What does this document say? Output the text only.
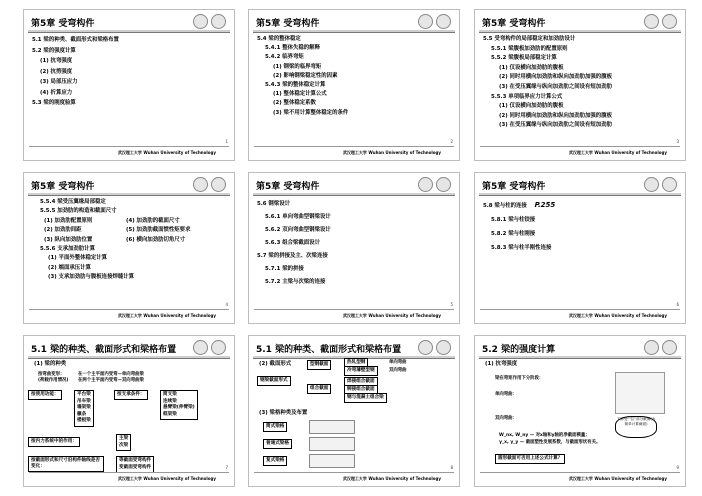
第5章 受弯构件
5.1 梁的种类、截面形式和梁格布置
5.2 梁的强度计算
(1) 抗弯强度
(2) 抗剪强度
(3) 局部压应力
(4) 折算应力
5.3 梁的刚度验算
1
武汉理工大学 Wuhan University of Technology
第5章 受弯构件
5.4 梁的整体稳定
5.4.1 整体失稳的解释
5.4.2 临界弯矩
(1) 钢梁的临界弯矩
(2) 影响钢梁稳定性的因素
5.4.3 梁的整体稳定计算
(1) 整体稳定计算公式
(2) 整体稳定系数
(3) 梁不用计算整体稳定的条件
2
武汉理工大学 Wuhan University of Technology
第5章 受弯构件
5.5 受弯构件的局部稳定和加劲肋设计
5.5.1 梁腹板加劲肋的配置原则
5.5.2 梁腹板局部稳定计算
(1) 仅设横向加劲肋的腹板
(2) 同时用横向加劲肋和纵向加劲肋加强的腹板
(3) 在受压翼缘与纵向加劲肋之间设有短加劲肋
5.5.3 单项临界应力计算公式
(1) 仅设横向加劲肋的腹板
(2) 同时用横向加劲肋和纵向加劲肋加强的腹板
(3) 在受压翼缘与纵向加劲肋之间设有短加劲肋
3
武汉理工大学 Wuhan University of Technology
第5章 受弯构件
5.5.4 梁受压翼缘局部稳定
5.5.5 加劲肋的构造和截面尺寸
(1) 加劲肋配置原则	(4) 加劲肋的截面尺寸
(2) 加劲肋间距	(5) 加劲肋截面惯性矩要求
(3) 纵向加劲肋位置	(6) 横向加劲肋切角尺寸
5.5.6 支承加劲肋计算
(1) 平面外整体稳定计算
(2) 端面承压计算
(3) 支承加劲肋与腹板连接焊缝计算
4
武汉理工大学 Wuhan University of Technology
第5章 受弯构件
5.6 钢梁设计
5.6.1 单向弯曲型钢梁设计
5.6.2 双向弯曲型钢梁设计
5.6.3 组合梁截面设计
5.7 梁的拼接及主、次梁连接
5.7.1 梁的拼接
5.7.2 主梁与次梁的连接
5
武汉理工大学 Wuhan University of Technology
第5章 受弯构件
5.8 梁与柱的连接 P.255
5.8.1 梁与柱铰接
5.8.2 梁与柱刚接
5.8.3 梁与柱半刚性连接
6
武汉理工大学 Wuhan University of Technology
5.1 梁的种类、截面形式和梁格布置
(1) 梁的种类
按弯曲变形：	在一个主平面内受弯—单向弯曲梁
(荷载作用情况) 在两个主平面内受弯—双向弯曲梁
按使用功能：	平台梁
吊车梁
墙架梁
檩条
楼板梁
按支承条件：	简支梁
连续梁
悬臂梁(伸臂梁)
框架梁
按内力系统中的作用：
主梁
次梁
按截面形式和尺寸沿构件轴线是否变化：
等截面受弯构件
变截面受弯构件	7
武汉理工大学 Wuhan University of Technology
5.1 梁的种类、截面形式和梁格布置
(2) 截面形式	型钢截面	热轧型钢
冷弯薄壁型钢
钢梁截面形式
组合截面
焊接组合截面
铆接组合截面
钢与混凝土组合梁
单向弯曲
双向弯曲
(3) 梁格种类及布置
简式梁格
普通式梁格
复式梁格
8
武汉理工大学 Wuhan University of Technology
5.2 梁的强度计算
(1) 抗弯强度
梁在弯矩作用下分阶段：
单向弯曲：
双向弯曲：
W_nx, W_ny — 对x轴和y轴的净截面模量；
γ_x, γ_y — 截面塑性发展系数，与截面形状有关。
圆形截面可否用上述公式计算？
下部受""拉"部分截面(为简单计算截面)
9
武汉理工大学 Wuhan University of Technology
